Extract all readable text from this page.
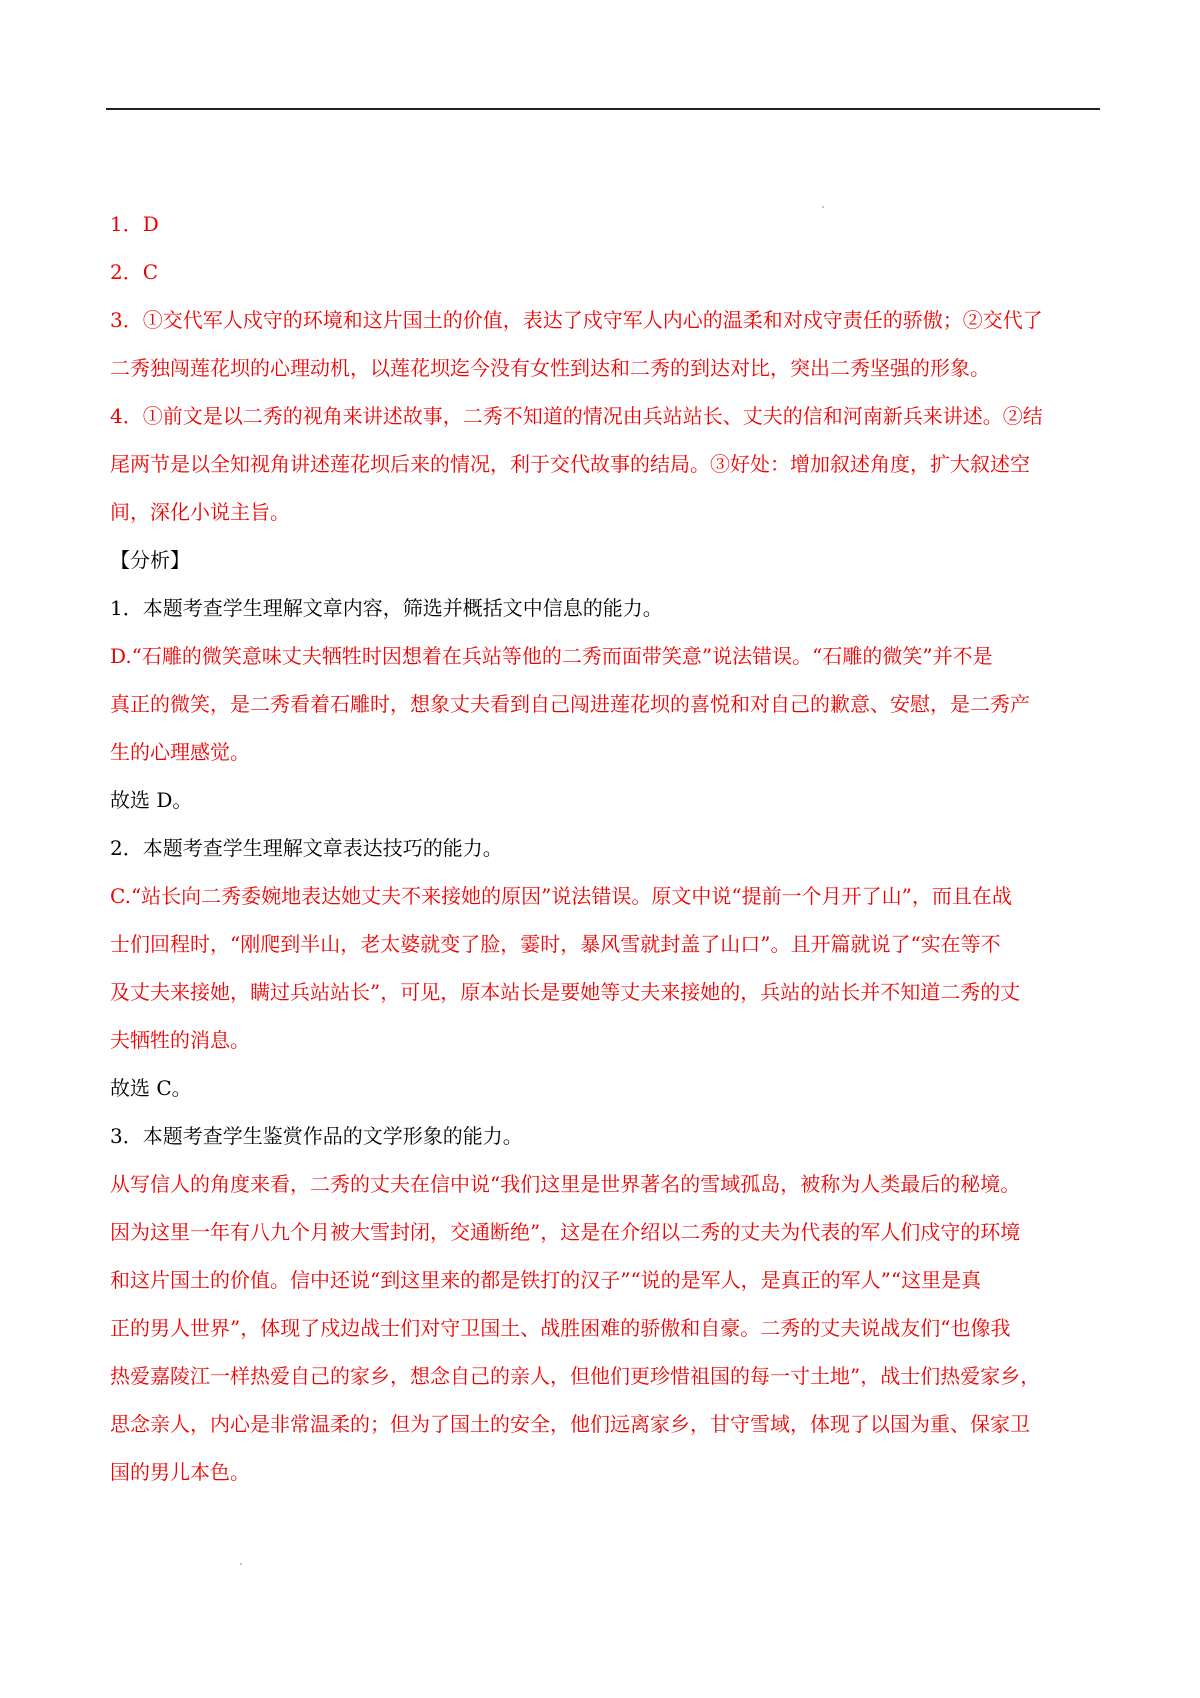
1．D

2．C

3．①交代军人戍守的环境和这片国土的价值，表达了戍守军人内心的温柔和对戍守责任的骄傲；②交代了

二秀独闯莲花坝的心理动机，以莲花坝迄今没有女性到达和二秀的到达对比，突出二秀坚强的形象。

4．①前文是以二秀的视角来讲述故事，二秀不知道的情况由兵站站长、丈夫的信和河南新兵来讲述。②结

尾两节是以全知视角讲述莲花坝后来的情况，利于交代故事的结局。③好处：增加叙述角度，扩大叙述空

间，深化小说主旨。

【分析】

1．本题考查学生理解文章内容，筛选并概括文中信息的能力。

D.“石雕的微笑意味丈夫牺牲时因想着在兵站等他的二秀而面带笑意”说法错误。“石雕的微笑”并不是

真正的微笑，是二秀看着石雕时，想象丈夫看到自己闯进莲花坝的喜悦和对自己的歉意、安慰，是二秀产

生的心理感觉。

故选 D。

2．本题考查学生理解文章表达技巧的能力。

C.“站长向二秀委婉地表达她丈夫不来接她的原因”说法错误。原文中说“提前一个月开了山”，而且在战

士们回程时，“刚爬到半山，老太婆就变了脸，霎时，暴风雪就封盖了山口”。且开篇就说了“实在等不

及丈夫来接她，瞒过兵站站长”，可见，原本站长是要她等丈夫来接她的，兵站的站长并不知道二秀的丈

夫牺牲的消息。

故选 C。

3．本题考查学生鉴赏作品的文学形象的能力。

从写信人的角度来看，二秀的丈夫在信中说“我们这里是世界著名的雪域孤岛，被称为人类最后的秘境。

因为这里一年有八九个月被大雪封闭，交通断绝”，这是在介绍以二秀的丈夫为代表的军人们戍守的环境

和这片国土的价值。信中还说“到这里来的都是铁打的汉子”“说的是军人，是真正的军人”“这里是真

正的男人世界”，体现了戍边战士们对守卫国土、战胜困难的骄傲和自豪。二秀的丈夫说战友们“也像我

热爱嘉陵江一样热爱自己的家乡，想念自己的亲人，但他们更珍惜祖国的每一寸土地”，战士们热爱家乡，

思念亲人，内心是非常温柔的；但为了国土的安全，他们远离家乡，甘守雪域，体现了以国为重、保家卫

国的男儿本色。
